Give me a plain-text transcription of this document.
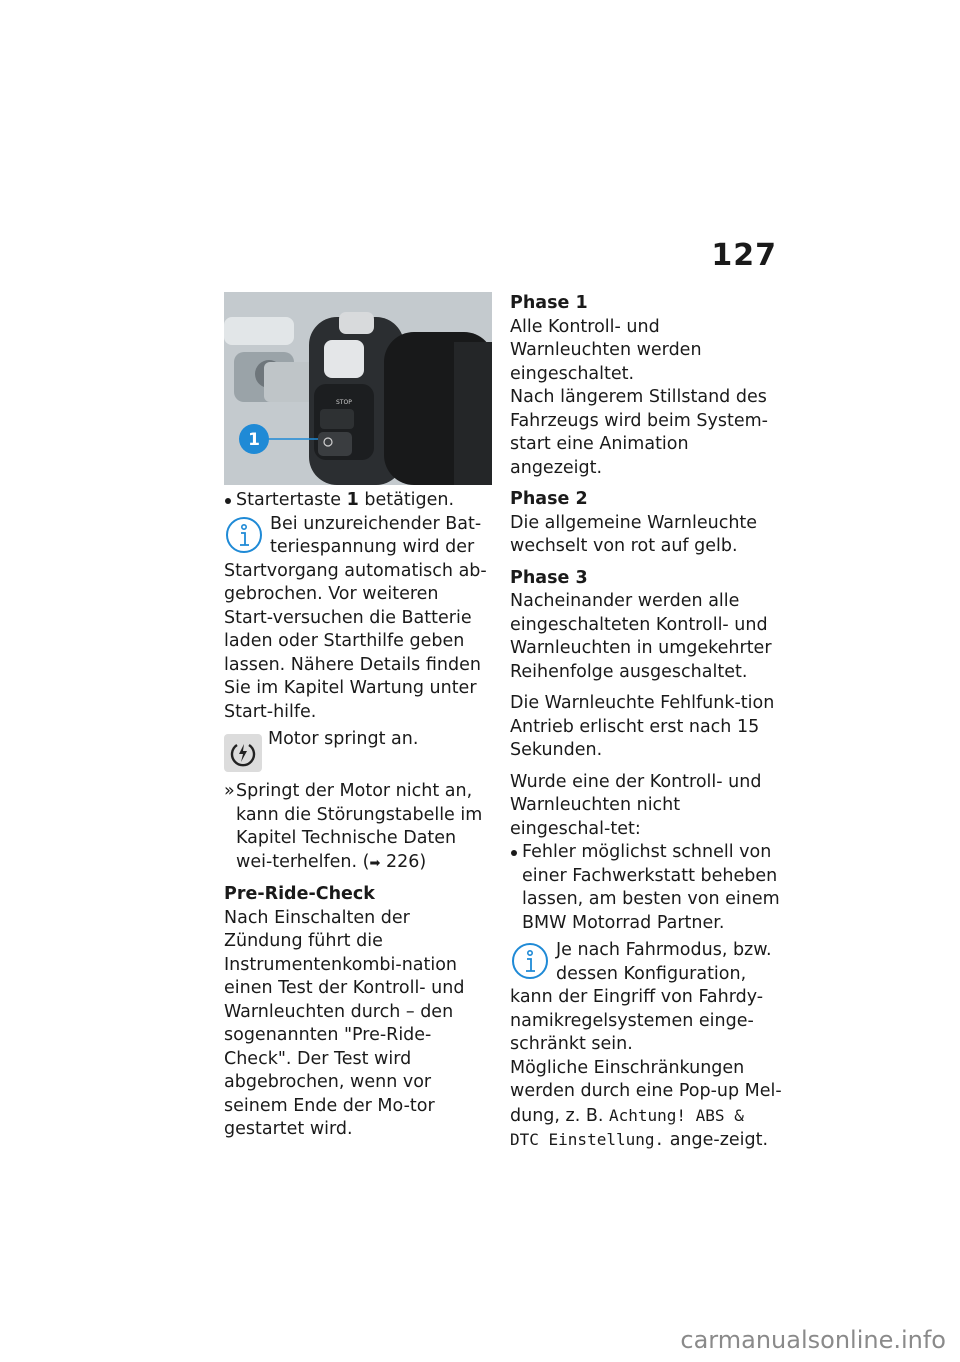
127
STOP
1

Startertaste 1 betätigen.

Bei unzureichender Bat-teriespannung wird der Startvorgang automatisch ab-gebrochen. Vor weiteren Start-versuchen die Batterie laden oder Starthilfe geben lassen. Nähere Details finden Sie im Kapitel Wartung unter Start-hilfe.

Motor springt an.

» Springt der Motor nicht an, kann die Störungstabelle im Kapitel Technische Daten wei-terhelfen. (➡ 226)

Pre-Ride-Check

Nach Einschalten der Zündung führt die Instrumentenkombi-nation einen Test der Kontroll- und Warnleuchten durch – den sogenannten "Pre-Ride-Check". Der Test wird abgebrochen, wenn vor seinem Ende der Mo-tor gestartet wird.

Phase 1

Alle Kontroll- und Warnleuchten werden eingeschaltet.

Nach längerem Stillstand des Fahrzeugs wird beim System-start eine Animation angezeigt.

Phase 2

Die allgemeine Warnleuchte wechselt von rot auf gelb.

Phase 3

Nacheinander werden alle eingeschalteten Kontroll- und Warnleuchten in umgekehrter Reihenfolge ausgeschaltet.

Die Warnleuchte Fehlfunk-tion Antrieb erlischt erst nach 15 Sekunden.

Wurde eine der Kontroll- und Warnleuchten nicht eingeschal-tet:

Fehler möglichst schnell von einer Fachwerkstatt beheben lassen, am besten von einem BMW Motorrad Partner.

Je nach Fahrmodus, bzw. dessen Konfiguration, kann der Eingriff von Fahrdy-namikregelsystemen einge-schränkt sein.

Mögliche Einschränkungen werden durch eine Pop-up Mel-dung, z. B. Achtung! ABS & DTC Einstellung. ange-zeigt.

carmanualsonline.info
